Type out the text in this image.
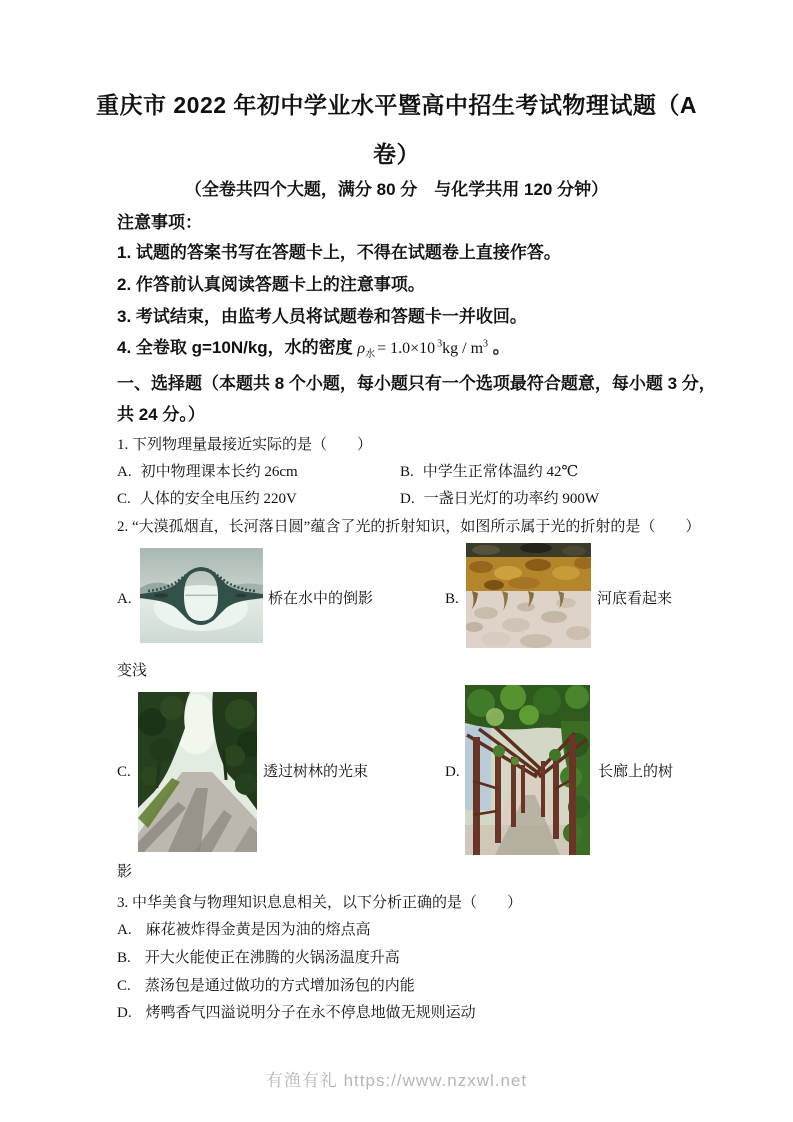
重庆市 2022 年初中学业水平暨高中招生考试物理试题（A
卷）
（全卷共四个大题，满分 80 分　与化学共用 120 分钟）
注意事项：
1. 试题的答案书写在答题卡上，不得在试题卷上直接作答。
2. 作答前认真阅读答题卡上的注意事项。
3. 考试结束，由监考人员将试题卷和答题卡一并收回。
4. 全卷取 g=10N/kg，水的密度 $\rho_水 = 1.0\times 10$ $^3kg / m^3$ 。
一、选择题（本题共 8 个小题，每小题只有一个选项最符合题意，每小题 3 分，
共 24 分。）
1. 下列物理量最接近实际的是（　　）
A. 初中物理课本长约 26cm	B. 中学生正常体温约 42℃
C. 人体的安全电压约 220V	D. 一盏日光灯的功率约 900W
2. “大漠孤烟直，长河落日圆”蕴含了光的折射知识，如图所示属于光的折射的是（　　）
A.	桥在水中的倒影	B.	河底看起来
变浅
C.	透过树林的光束	D.	长廊上的树
影
3. 中华美食与物理知识息息相关，以下分析正确的是（　　）
A. 麻花被炸得金黄是因为油的熔点高
B. 开大火能使正在沸腾的火锅汤温度升高
C. 蒸汤包是通过做功的方式增加汤包的内能
D. 烤鸭香气四溢说明分子在永不停息地做无规则运动
有渔有礼 https://www.nzxwl.net
